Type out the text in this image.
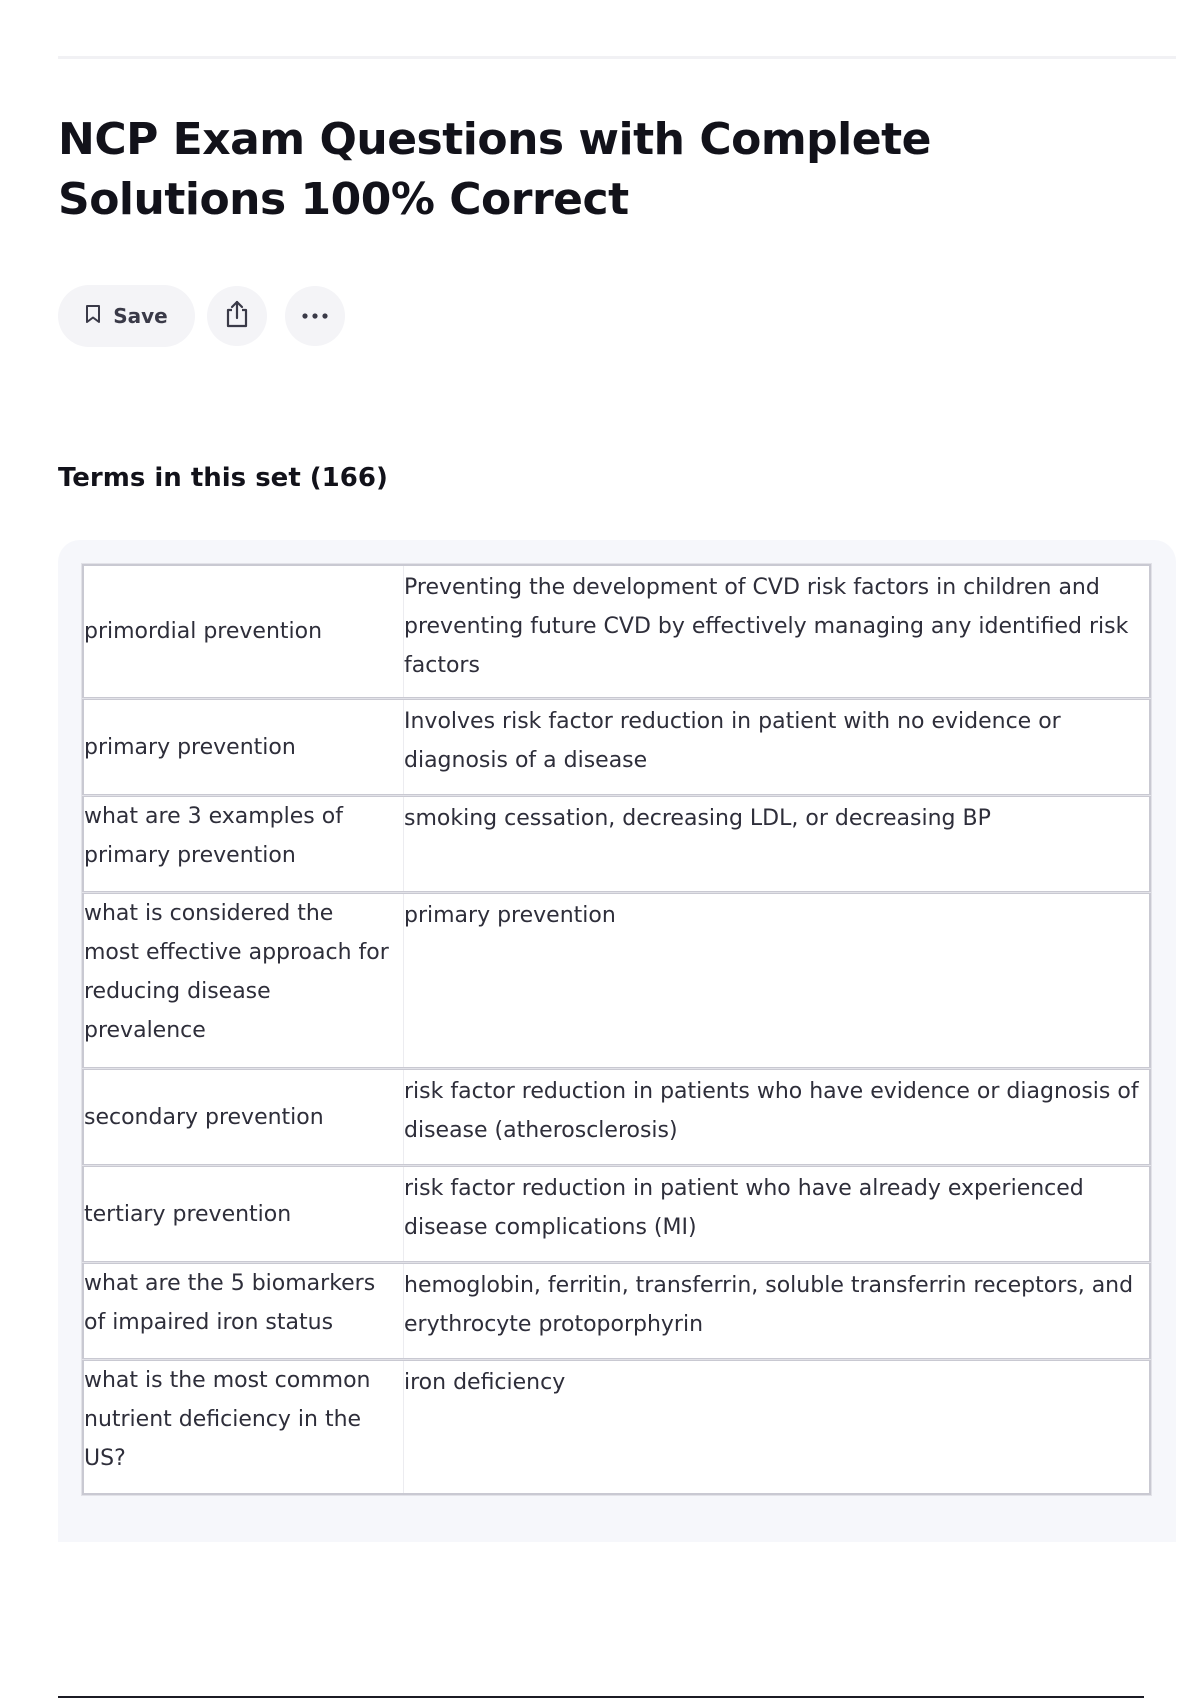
NCP Exam Questions with Complete Solutions 100% Correct
Save
Terms in this set (166)
primordial prevention
Preventing the development of CVD risk factors in children and preventing future CVD by effectively managing any identified risk factors
primary prevention
Involves risk factor reduction in patient with no evidence or diagnosis of a disease
what are 3 examples of primary prevention
smoking cessation, decreasing LDL, or decreasing BP
what is considered the most effective approach for reducing disease prevalence
primary prevention
secondary prevention
risk factor reduction in patients who have evidence or diagnosis of disease (atherosclerosis)
tertiary prevention
risk factor reduction in patient who have already experienced disease complications (MI)
what are the 5 biomarkers of impaired iron status
hemoglobin, ferritin, transferrin, soluble transferrin receptors, and erythrocyte protoporphyrin
what is the most common nutrient deficiency in the US?
iron deficiency
